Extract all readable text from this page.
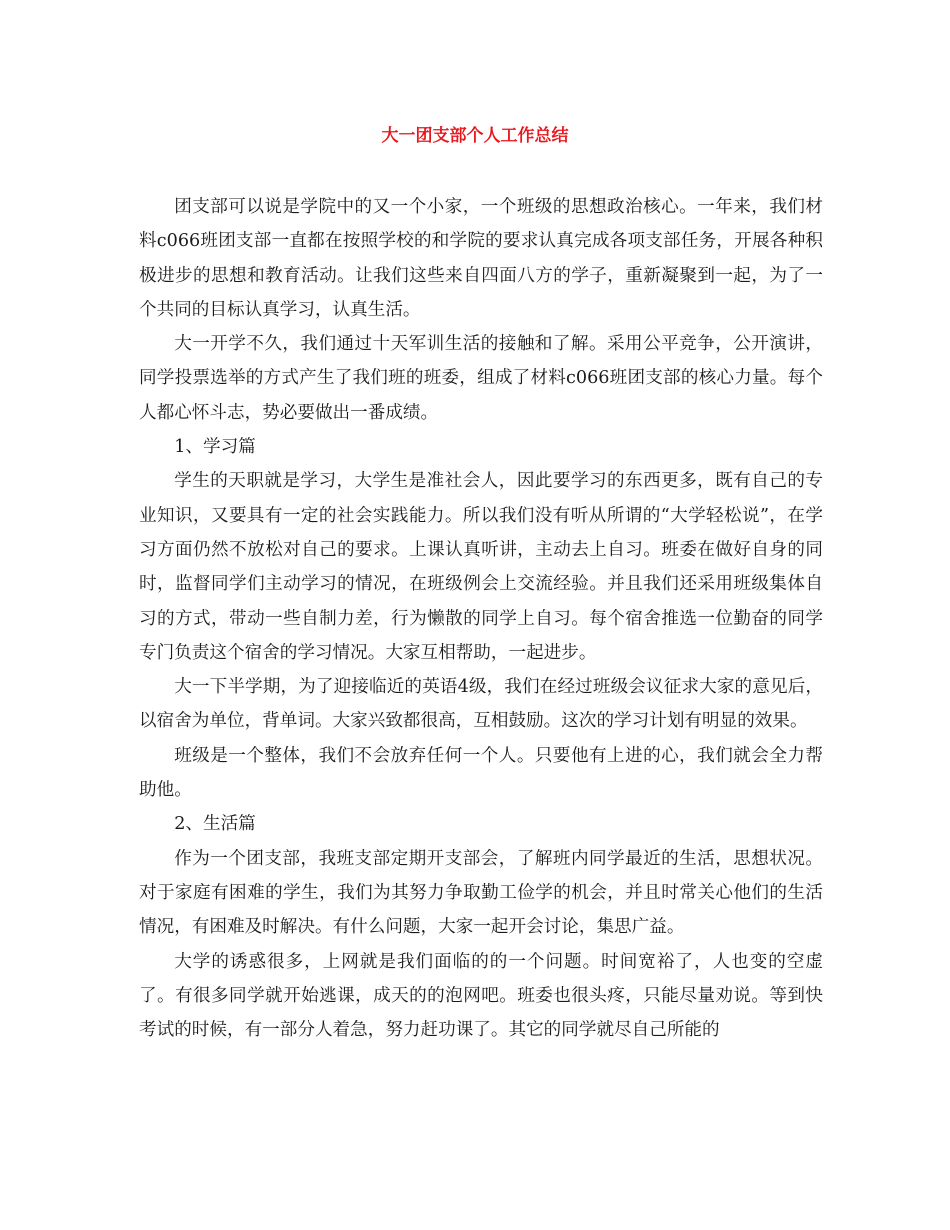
大一团支部个人工作总结

团支部可以说是学院中的又一个小家，一个班级的思想政治核心。一年来，我们材料c066班团支部一直都在按照学校的和学院的要求认真完成各项支部任务，开展各种积极进步的思想和教育活动。让我们这些来自四面八方的学子，重新凝聚到一起，为了一个共同的目标认真学习，认真生活。

大一开学不久，我们通过十天军训生活的接触和了解。采用公平竞争，公开演讲，同学投票选举的方式产生了我们班的班委，组成了材料c066班团支部的核心力量。每个人都心怀斗志，势必要做出一番成绩。

1、学习篇

学生的天职就是学习，大学生是准社会人，因此要学习的东西更多，既有自己的专业知识，又要具有一定的社会实践能力。所以我们没有听从所谓的“大学轻松说”，在学习方面仍然不放松对自己的要求。上课认真听讲，主动去上自习。班委在做好自身的同时，监督同学们主动学习的情况，在班级例会上交流经验。并且我们还采用班级集体自习的方式，带动一些自制力差，行为懒散的同学上自习。每个宿舍推选一位勤奋的同学专门负责这个宿舍的学习情况。大家互相帮助，一起进步。

大一下半学期，为了迎接临近的英语4级，我们在经过班级会议征求大家的意见后，以宿舍为单位，背单词。大家兴致都很高，互相鼓励。这次的学习计划有明显的效果。

班级是一个整体，我们不会放弃任何一个人。只要他有上进的心，我们就会全力帮助他。

2、生活篇

作为一个团支部，我班支部定期开支部会，了解班内同学最近的生活，思想状况。对于家庭有困难的学生，我们为其努力争取勤工俭学的机会，并且时常关心他们的生活情况，有困难及时解决。有什么问题，大家一起开会讨论，集思广益。

大学的诱惑很多，上网就是我们面临的的一个问题。时间宽裕了，人也变的空虚了。有很多同学就开始逃课，成天的的泡网吧。班委也很头疼，只能尽量劝说。等到快考试的时候，有一部分人着急，努力赶功课了。其它的同学就尽自己所能的
